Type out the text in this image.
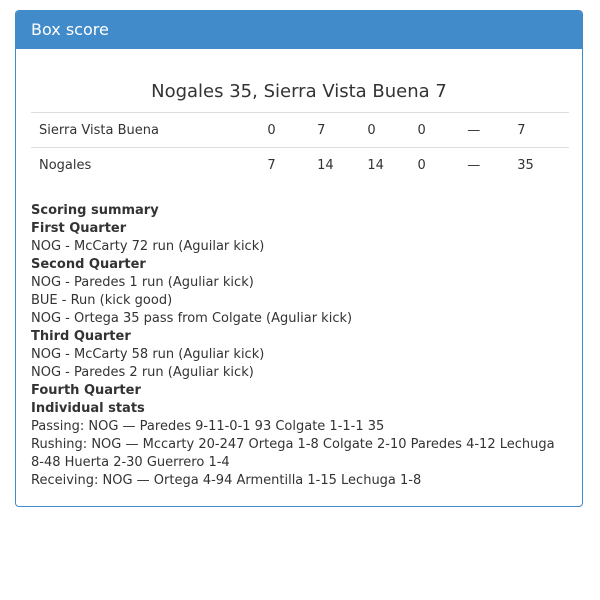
Box score
Nogales 35, Sierra Vista Buena 7
Sierra Vista Buena	0	7	0	0	—	7
Nogales	7	14	14	0	—	35
Scoring summary
First Quarter
NOG - McCarty 72 run (Aguilar kick)
Second Quarter
NOG - Paredes 1 run (Aguliar kick)
BUE - Run (kick good)
NOG - Ortega 35 pass from Colgate (Aguliar kick)
Third Quarter
NOG - McCarty 58 run (Aguliar kick)
NOG - Paredes 2 run (Aguliar kick)
Fourth Quarter
Individual stats
Passing: NOG — Paredes 9-11-0-1 93 Colgate 1-1-1 35
Rushing: NOG — Mccarty 20-247 Ortega 1-8 Colgate 2-10 Paredes 4-12 Lechuga 8-48 Huerta 2-30 Guerrero 1-4
Receiving: NOG — Ortega 4-94 Armentilla 1-15 Lechuga 1-8
